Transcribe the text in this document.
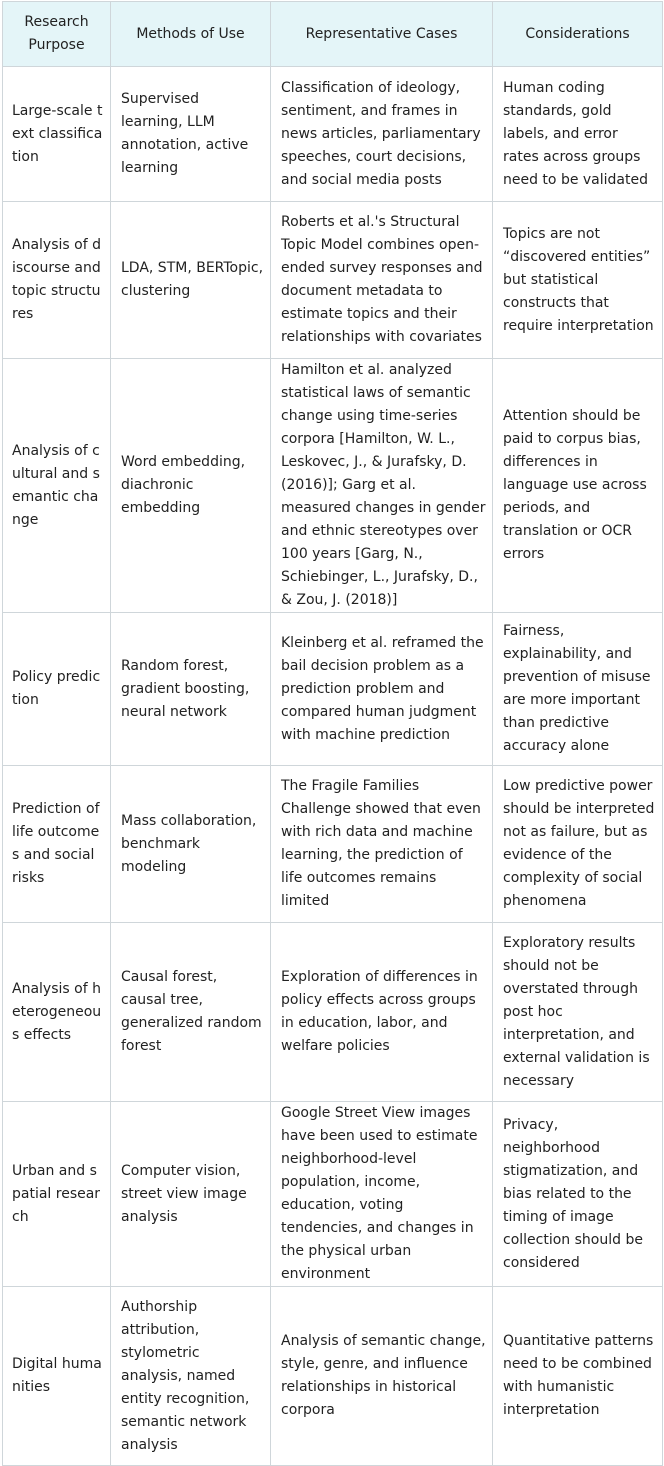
Research Purpose	Methods of Use	Representative Cases	Considerations
Large-scale text classification	Supervised learning, LLM annotation, active learning	Classification of ideology, sentiment, and frames in news articles, parliamentary speeches, court decisions, and social media posts	Human coding standards, gold labels, and error rates across groups need to be validated
Analysis of discourse and topic structures	LDA, STM, BERTopic, clustering	Roberts et al.'s Structural Topic Model combines open-ended survey responses and document metadata to estimate topics and their relationships with covariates	Topics are not “discovered entities” but statistical constructs that require interpretation
Analysis of cultural and semantic change	Word embedding, diachronic embedding	Hamilton et al. analyzed statistical laws of semantic change using time-series corpora [Hamilton, W. L., Leskovec, J., & Jurafsky, D. (2016)]; Garg et al. measured changes in gender and ethnic stereotypes over 100 years [Garg, N., Schiebinger, L., Jurafsky, D., & Zou, J. (2018)]	Attention should be paid to corpus bias, differences in language use across periods, and translation or OCR errors
Policy prediction	Random forest, gradient boosting, neural network	Kleinberg et al. reframed the bail decision problem as a prediction problem and compared human judgment with machine prediction	Fairness, explainability, and prevention of misuse are more important than predictive accuracy alone
Prediction of life outcomes and social risks	Mass collaboration, benchmark modeling	The Fragile Families Challenge showed that even with rich data and machine learning, the prediction of life outcomes remains limited	Low predictive power should be interpreted not as failure, but as evidence of the complexity of social phenomena
Analysis of heterogeneous effects	Causal forest, causal tree, generalized random forest	Exploration of differences in policy effects across groups in education, labor, and welfare policies	Exploratory results should not be overstated through post hoc interpretation, and external validation is necessary
Urban and spatial research	Computer vision, street view image analysis	Google Street View images have been used to estimate neighborhood-level population, income, education, voting tendencies, and changes in the physical urban environment	Privacy, neighborhood stigmatization, and bias related to the timing of image collection should be considered
Digital humanities	Authorship attribution, stylometric analysis, named entity recognition, semantic network analysis	Analysis of semantic change, style, genre, and influence relationships in historical corpora	Quantitative patterns need to be combined with humanistic interpretation
